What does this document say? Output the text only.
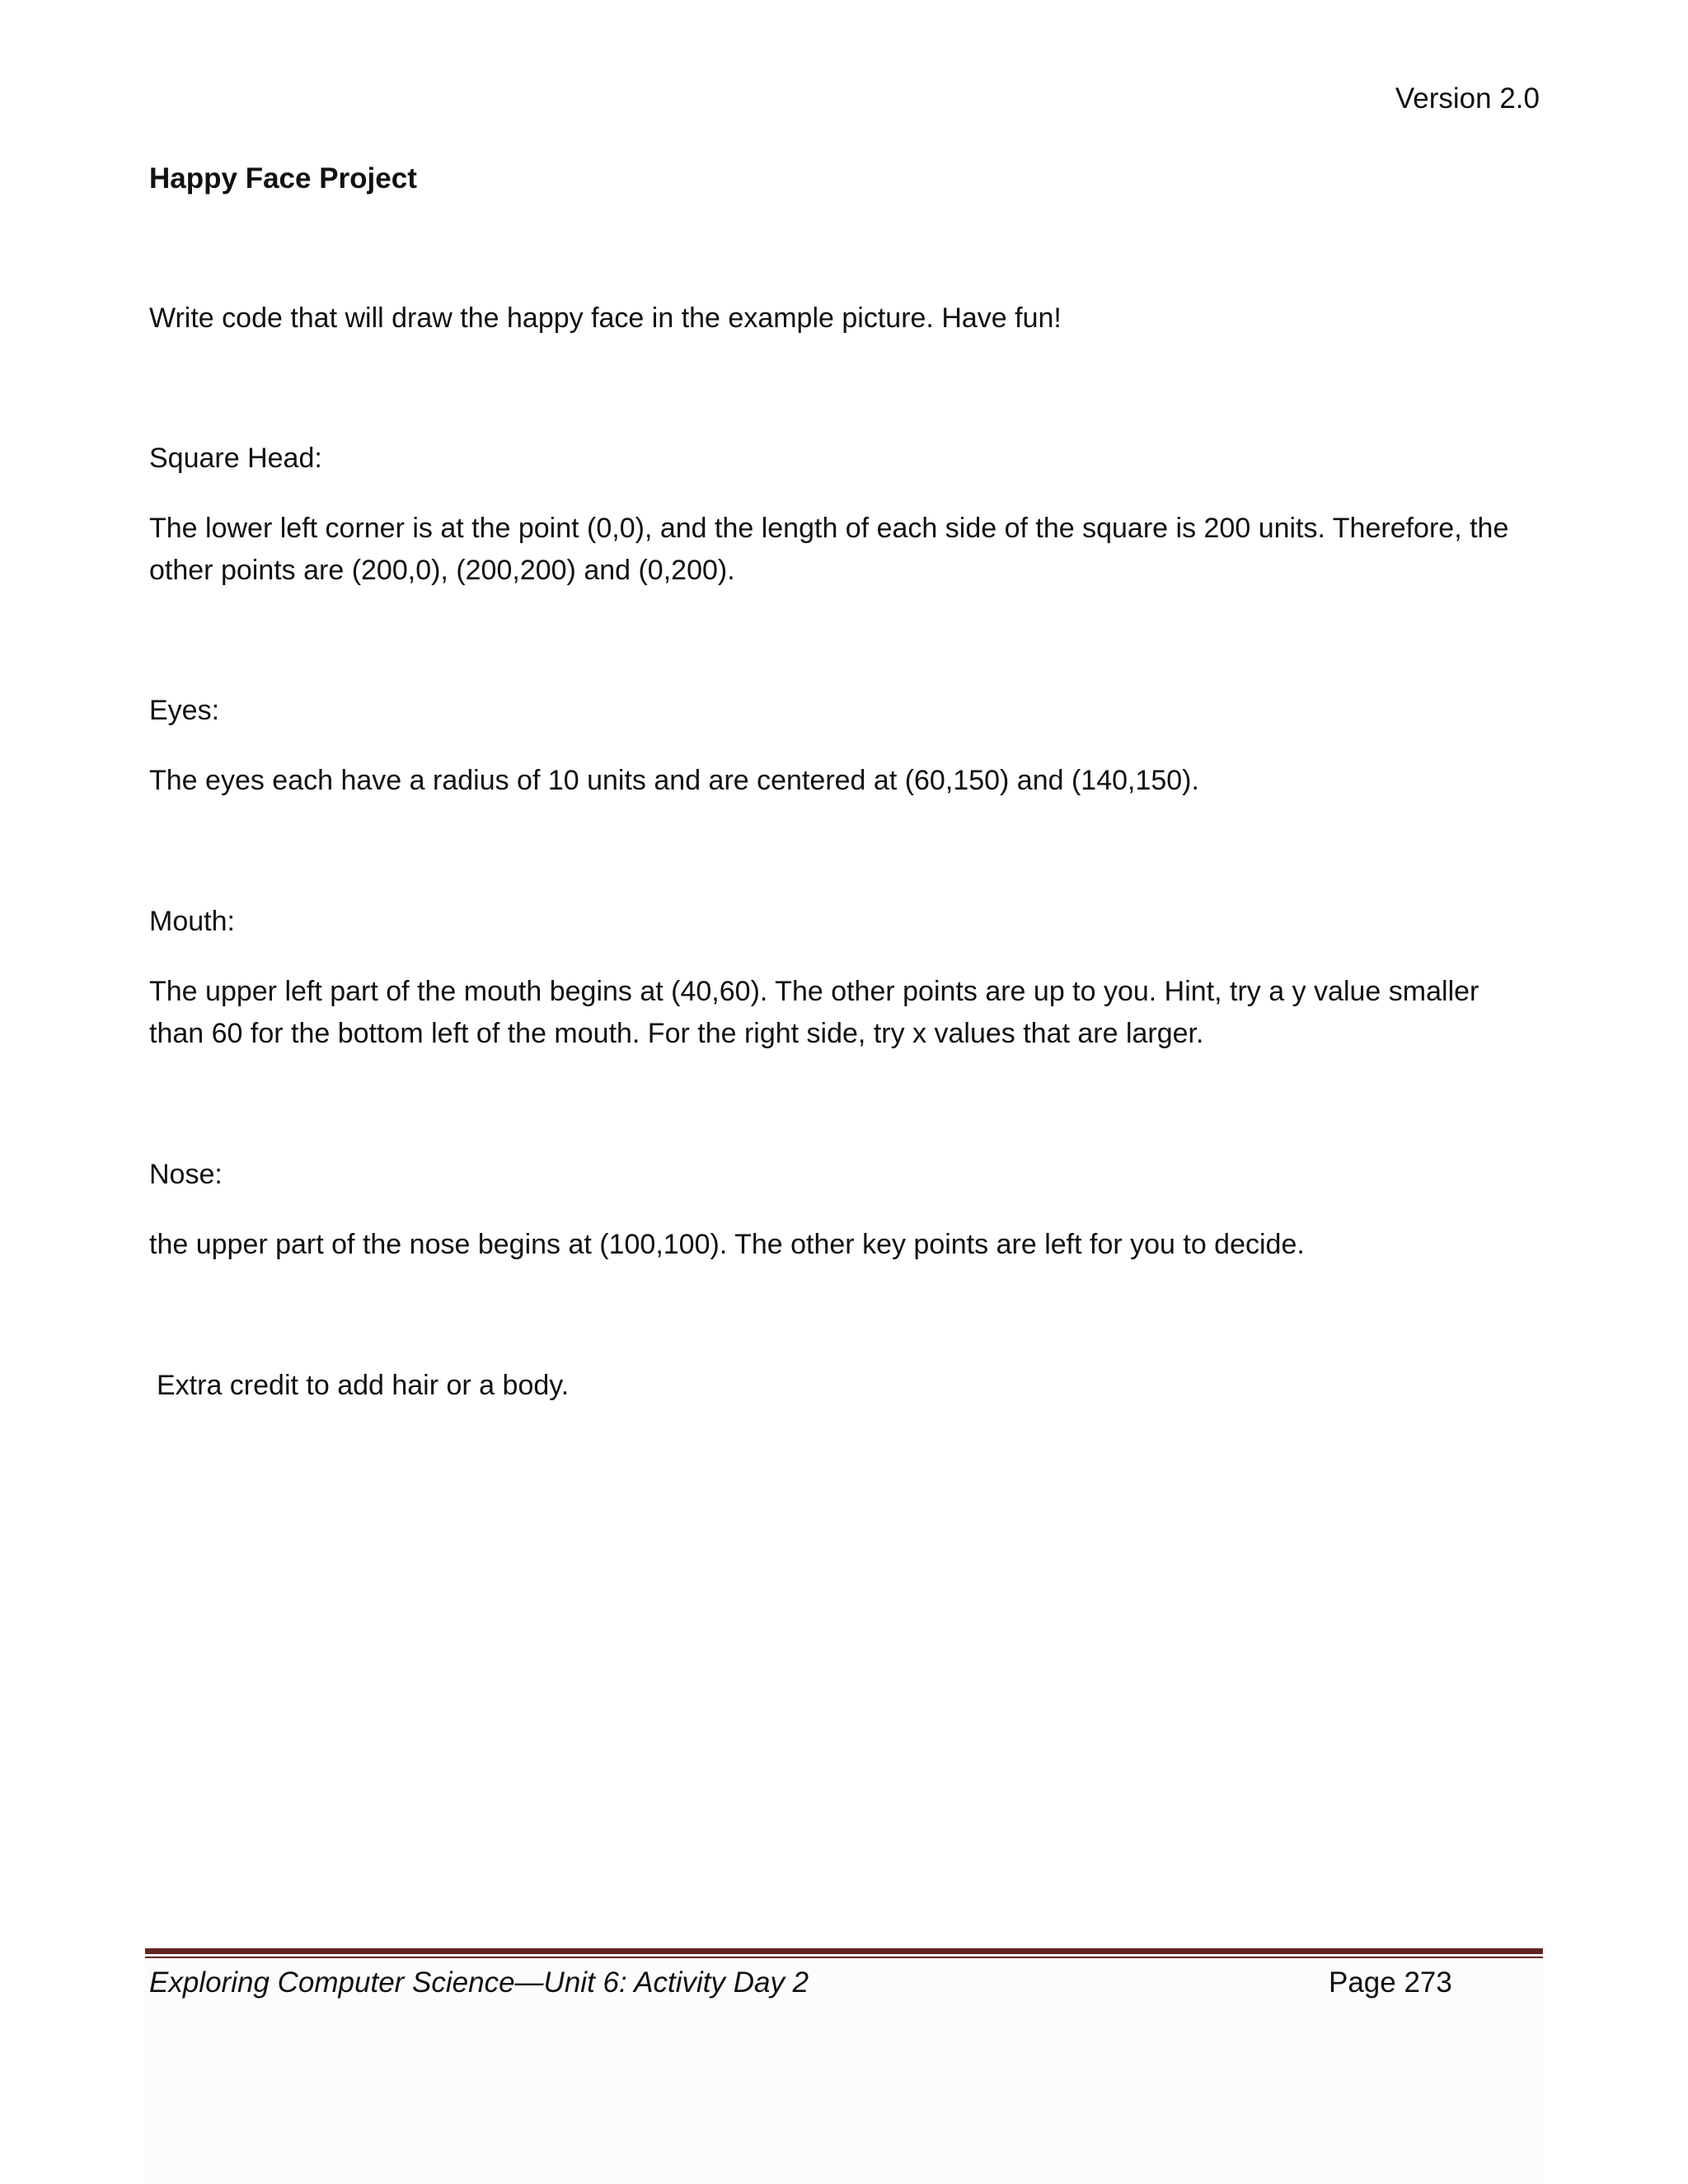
Version 2.0
Happy Face Project
Write code that will draw the happy face in the example picture. Have fun!
Square Head:
The lower left corner is at the point (0,0), and the length of each side of the square is 200 units. Therefore, the other points are (200,0), (200,200) and (0,200).
Eyes:
The eyes each have a radius of 10 units and are centered at (60,150) and (140,150).
Mouth:
The upper left part of the mouth begins at (40,60). The other points are up to you. Hint, try a y value smaller than 60 for the bottom left of the mouth. For the right side, try x values that are larger.
Nose:
the upper part of the nose begins at (100,100). The other key points are left for you to decide.
Extra credit to add hair or a body.
Exploring Computer Science—Unit 6: Activity Day 2	Page 273
